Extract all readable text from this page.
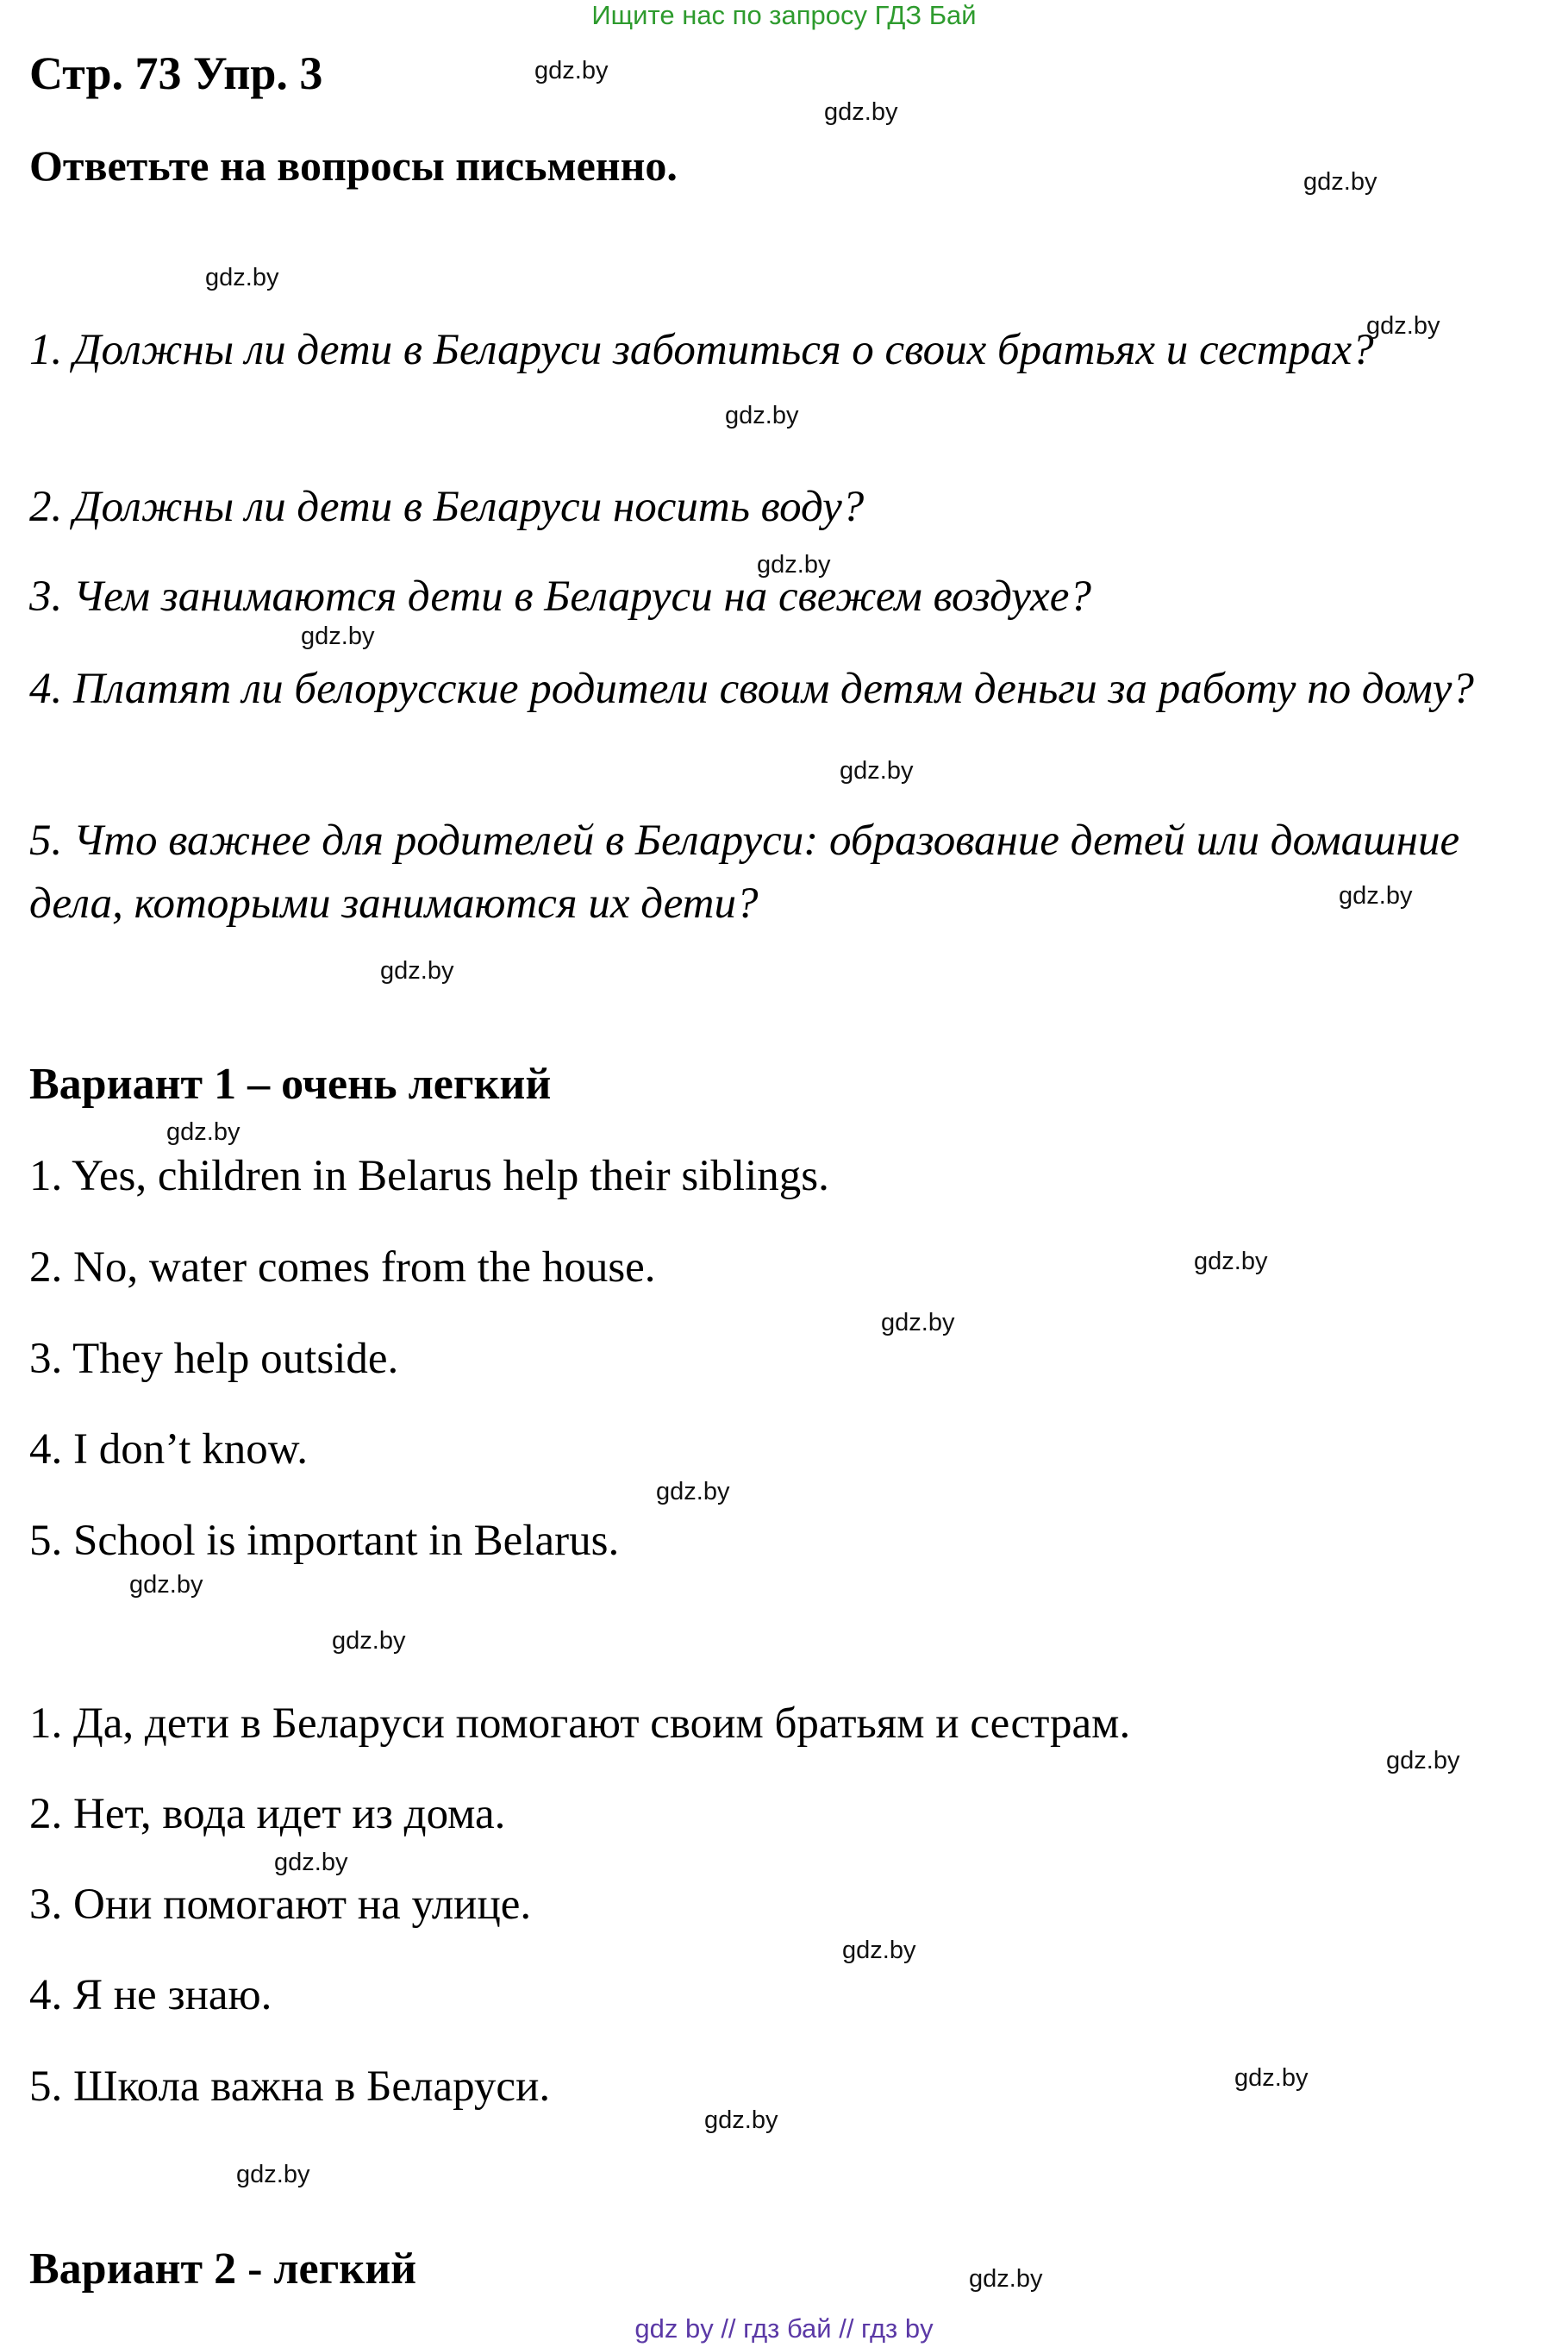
Ищите нас по запросу ГДЗ Бай
Стр. 73 Упр. 3
Ответьте на вопросы письменно.
1. Должны ли дети в Беларуси заботиться о своих братьях и сестрах?
2. Должны ли дети в Беларуси носить воду?
3. Чем занимаются дети в Беларуси на свежем воздухе?
4. Платят ли белорусские родители своим детям деньги за работу по дому?
5. Что важнее для родителей в Беларуси: образование детей или домашние дела, которыми занимаются их дети?
Вариант 1 – очень легкий
1. Yes, children in Belarus help their siblings.
2. No, water comes from the house.
3. They help outside.
4. I don’t know.
5. School is important in Belarus.
1. Да, дети в Беларуси помогают своим братьям и сестрам.
2. Нет, вода идет из дома.
3. Они помогают на улице.
4. Я не знаю.
5. Школа важна в Беларуси.
Вариант 2 - легкий
gdz.by
gdz.by
gdz.by
gdz.by
gdz.by
gdz.by
gdz.by
gdz.by
gdz.by
gdz.by
gdz.by
gdz.by
gdz.by
gdz.by
gdz.by
gdz.by
gdz.by
gdz.by
gdz.by
gdz.by
gdz.by
gdz.by
gdz.by
gdz.by
gdz by // гдз бай // гдз by
